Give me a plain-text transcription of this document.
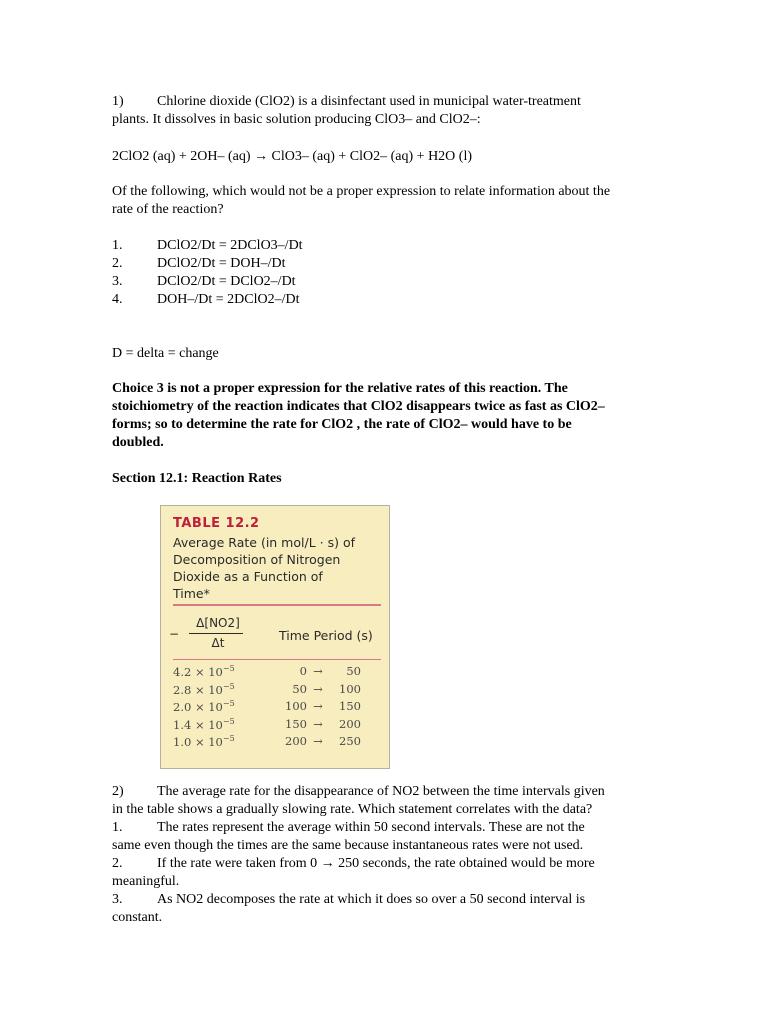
1) Chlorine dioxide (ClO2) is a disinfectant used in municipal water-treatment
plants. It dissolves in basic solution producing ClO3– and ClO2–:
2ClO2 (aq) + 2OH– (aq) → ClO3– (aq) + ClO2– (aq) + H2O (l)
Of the following, which would not be a proper expression to relate information about the
rate of the reaction?
1. DClO2/Dt = 2DClO3–/Dt
2. DClO2/Dt = DOH–/Dt
3. DClO2/Dt = DClO2–/Dt
4. DOH–/Dt = 2DClO2–/Dt
D = delta = change
Choice 3 is not a proper expression for the relative rates of this reaction. The
stoichiometry of the reaction indicates that ClO2 disappears twice as fast as ClO2–
forms; so to determine the rate for ClO2 , the rate of ClO2– would have to be
doubled.
Section 12.1: Reaction Rates
TABLE 12.2
Average Rate (in mol/L · s) of
Decomposition of Nitrogen
Dioxide as a Function of
Time*
−
Δ[NO2]
Δt	Time Period (s)
$4.2 \times 10^{-5}$	0 → 50
$2.8 \times 10^{-5}$	50 → 100
$2.0 \times 10^{-5}$	100 → 150
$1.4 \times 10^{-5}$	150 → 200
$1.0 \times 10^{-5}$	200 → 250
2) The average rate for the disappearance of NO2 between the time intervals given
in the table shows a gradually slowing rate. Which statement correlates with the data?
1. The rates represent the average within 50 second intervals. These are not the
same even though the times are the same because instantaneous rates were not used.
2. If the rate were taken from 0 → 250 seconds, the rate obtained would be more
meaningful.
3. As NO2 decomposes the rate at which it does so over a 50 second interval is
constant.
